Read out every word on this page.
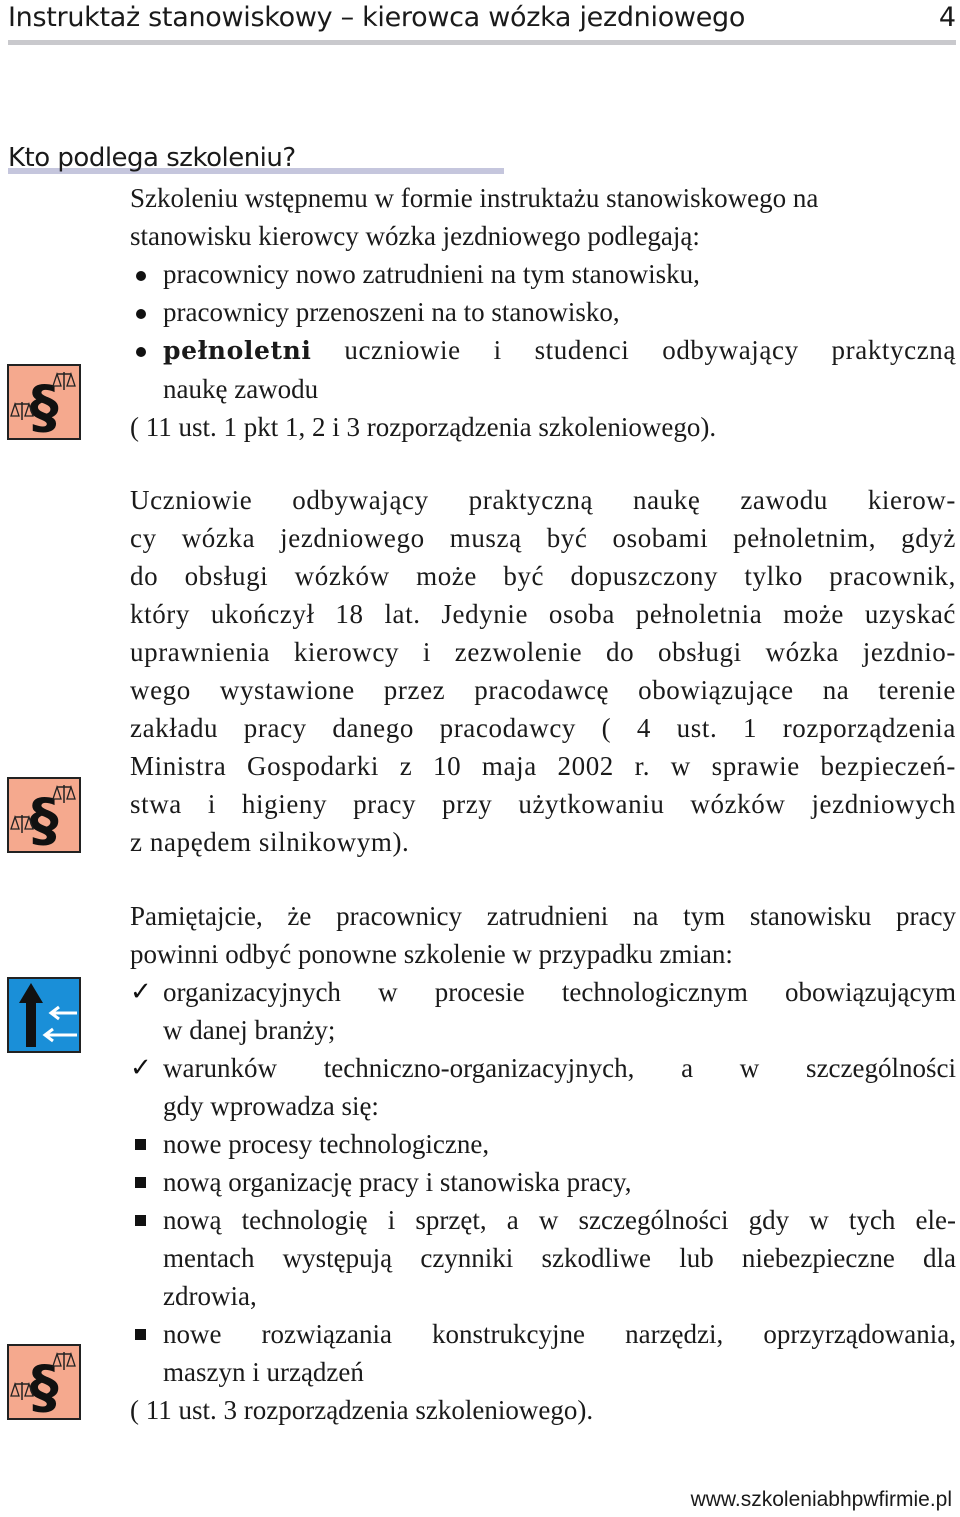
Instruktaż stanowiskowy – kierowca wózka jezdniowego	4
Kto podlega szkoleniu?
Szkoleniu wstępnemu w formie instruktażu stanowiskowego na
stanowisku kierowcy wózka jezdniowego podlegają:
pracownicy nowo zatrudnieni na tym stanowisku,
pracownicy przenoszeni na to stanowisko,
pełnoletni uczniowie i studenci odbywający praktyczną
naukę zawodu
( 11 ust. 1 pkt 1, 2 i 3 rozporządzenia szkoleniowego).
Uczniowie odbywający praktyczną naukę zawodu kierow-
cy wózka jezdniowego muszą być osobami pełnoletnim, gdyż
do obsługi wózków może być dopuszczony tylko pracownik,
który ukończył 18 lat. Jedynie osoba pełnoletnia może uzyskać
uprawnienia kierowcy i zezwolenie do obsługi wózka jezdnio-
wego wystawione przez pracodawcę obowiązujące na terenie
zakładu pracy danego pracodawcy ( 4 ust. 1 rozporządzenia
Ministra Gospodarki z 10 maja 2002 r. w sprawie bezpieczeń-
stwa i higieny pracy przy użytkowaniu wózków jezdniowych
z napędem silnikowym).
Pamiętajcie, że pracownicy zatrudnieni na tym stanowisku pracy
powinni odbyć ponowne szkolenie w przypadku zmian:
✓ organizacyjnych w procesie technologicznym obowiązującym
w danej branży;
✓ warunków techniczno-organizacyjnych, a w szczególności
gdy wprowadza się:
nowe procesy technologiczne,
nową organizację pracy i stanowiska pracy,
nową technologię i sprzęt, a w szczególności gdy w tych ele-
mentach występują czynniki szkodliwe lub niebezpieczne dla
zdrowia,
nowe rozwiązania konstrukcyjne narzędzi, oprzyrządowania,
maszyn i urządzeń
( 11 ust. 3 rozporządzenia szkoleniowego).
§
§
§
www.szkoleniabhpwfirmie.pl
